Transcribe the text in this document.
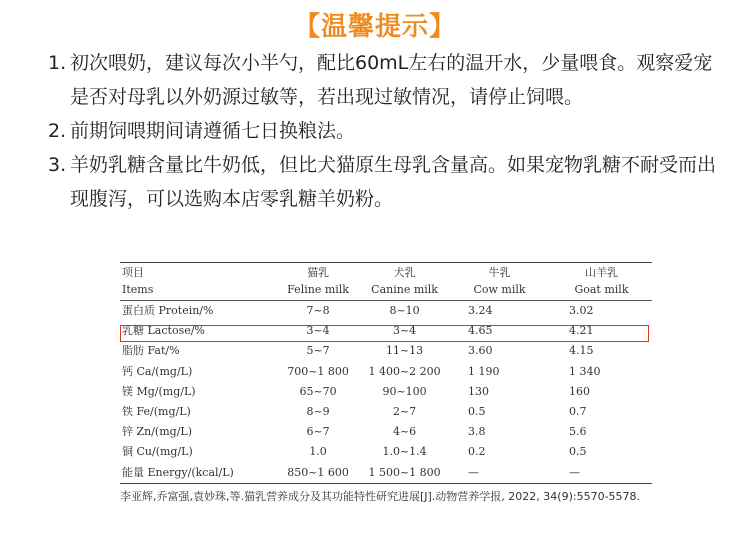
【温馨提示】
1. 初次喂奶，建议每次小半勺，配比60mL左右的温开水，少量喂食。观察爱宠是否对母乳以外奶源过敏等，若出现过敏情况，请停止饲喂。
2. 前期饲喂期间请遵循七日换粮法。
3. 羊奶乳糖含量比牛奶低，但比犬猫原生母乳含量高。如果宠物乳糖不耐受而出现腹泻，可以选购本店零乳糖羊奶粉。
项目	猫乳	犬乳	牛乳	山羊乳
Items	Feline milk	Canine milk	Cow milk	Goat milk
蛋白质 Protein/%	7~8	8~10	3.24	3.02
乳糖 Lactose/%	3~4	3~4	4.65	4.21
脂肪 Fat/%	5~7	11~13	3.60	4.15
钙 Ca/(mg/L)	700~1 800	1 400~2 200	1 190	1 340
镁 Mg/(mg/L)	65~70	90~100	130	160
铁 Fe/(mg/L)	8~9	2~7	0.5	0.7
锌 Zn/(mg/L)	6~7	4~6	3.8	5.6
铜 Cu/(mg/L)	1.0	1.0~1.4	0.2	0.5
能量 Energy/(kcal/L)	850~1 600	1 500~1 800	—	—
李亚辉,乔富强,袁妙珠,等.猫乳营养成分及其功能特性研究进展[J].动物营养学报, 2022, 34(9):5570-5578.
